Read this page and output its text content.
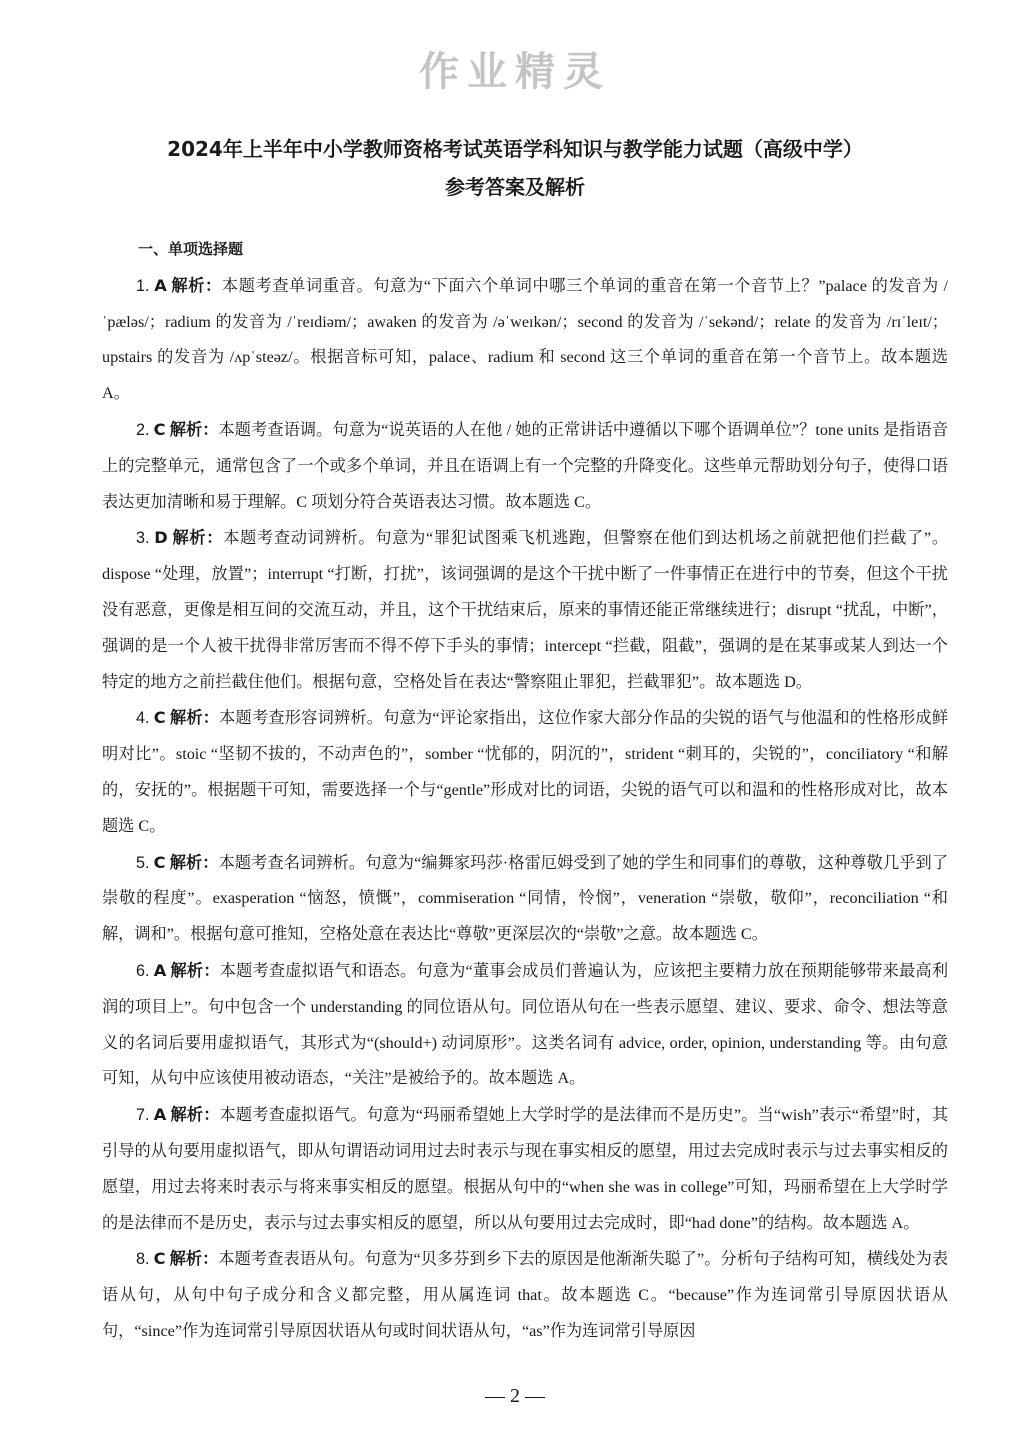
作业精灵
2024年上半年中小学教师资格考试英语学科知识与教学能力试题（高级中学）
参考答案及解析
一、单项选择题

1. A 解析：本题考查单词重音。句意为“下面六个单词中哪三个单词的重音在第一个音节上？”palace 的发音为 /ˈpæləs/；radium 的发音为 /ˈreɪdiəm/；awaken 的发音为 /əˈweɪkən/；second 的发音为 /ˈsekənd/；relate 的发音为 /rɪˈleɪt/；upstairs 的发音为 /ʌpˈsteəz/。根据音标可知，palace、radium 和 second 这三个单词的重音在第一个音节上。故本题选 A。

2. C 解析：本题考查语调。句意为“说英语的人在他 / 她的正常讲话中遵循以下哪个语调单位”？tone units 是指语音上的完整单元，通常包含了一个或多个单词，并且在语调上有一个完整的升降变化。这些单元帮助划分句子，使得口语表达更加清晰和易于理解。C 项划分符合英语表达习惯。故本题选 C。

3. D 解析：本题考查动词辨析。句意为“罪犯试图乘飞机逃跑，但警察在他们到达机场之前就把他们拦截了”。dispose “处理，放置”；interrupt “打断，打扰”，该词强调的是这个干扰中断了一件事情正在进行中的节奏，但这个干扰没有恶意，更像是相互间的交流互动，并且，这个干扰结束后，原来的事情还能正常继续进行；disrupt “扰乱，中断”，强调的是一个人被干扰得非常厉害而不得不停下手头的事情；intercept “拦截，阻截”，强调的是在某事或某人到达一个特定的地方之前拦截住他们。根据句意，空格处旨在表达“警察阻止罪犯，拦截罪犯”。故本题选 D。

4. C 解析：本题考查形容词辨析。句意为“评论家指出，这位作家大部分作品的尖锐的语气与他温和的性格形成鲜明对比”。stoic “坚韧不拔的，不动声色的”，somber “忧郁的，阴沉的”，strident “刺耳的，尖锐的”，conciliatory “和解的，安抚的”。根据题干可知，需要选择一个与“gentle”形成对比的词语，尖锐的语气可以和温和的性格形成对比，故本题选 C。

5. C 解析：本题考查名词辨析。句意为“编舞家玛莎·格雷厄姆受到了她的学生和同事们的尊敬，这种尊敬几乎到了崇敬的程度”。exasperation “恼怒，愤慨”，commiseration “同情，怜悯”，veneration “崇敬，敬仰”，reconciliation “和解，调和”。根据句意可推知，空格处意在表达比“尊敬”更深层次的“崇敬”之意。故本题选 C。

6. A 解析：本题考查虚拟语气和语态。句意为“董事会成员们普遍认为，应该把主要精力放在预期能够带来最高利润的项目上”。句中包含一个 understanding 的同位语从句。同位语从句在一些表示愿望、建议、要求、命令、想法等意义的名词后要用虚拟语气，其形式为“(should+) 动词原形”。这类名词有 advice, order, opinion, understanding 等。由句意可知，从句中应该使用被动语态，“关注”是被给予的。故本题选 A。

7. A 解析：本题考查虚拟语气。句意为“玛丽希望她上大学时学的是法律而不是历史”。当“wish”表示“希望”时，其引导的从句要用虚拟语气，即从句谓语动词用过去时表示与现在事实相反的愿望，用过去完成时表示与过去事实相反的愿望，用过去将来时表示与将来事实相反的愿望。根据从句中的“when she was in college”可知，玛丽希望在上大学时学的是法律而不是历史，表示与过去事实相反的愿望，所以从句要用过去完成时，即“had done”的结构。故本题选 A。

8. C 解析：本题考查表语从句。句意为“贝多芬到乡下去的原因是他渐渐失聪了”。分析句子结构可知，横线处为表语从句，从句中句子成分和含义都完整，用从属连词 that。故本题选 C。“because”作为连词常引导原因状语从句，“since”作为连词常引导原因状语从句或时间状语从句，“as”作为连词常引导原因

— 2 —
